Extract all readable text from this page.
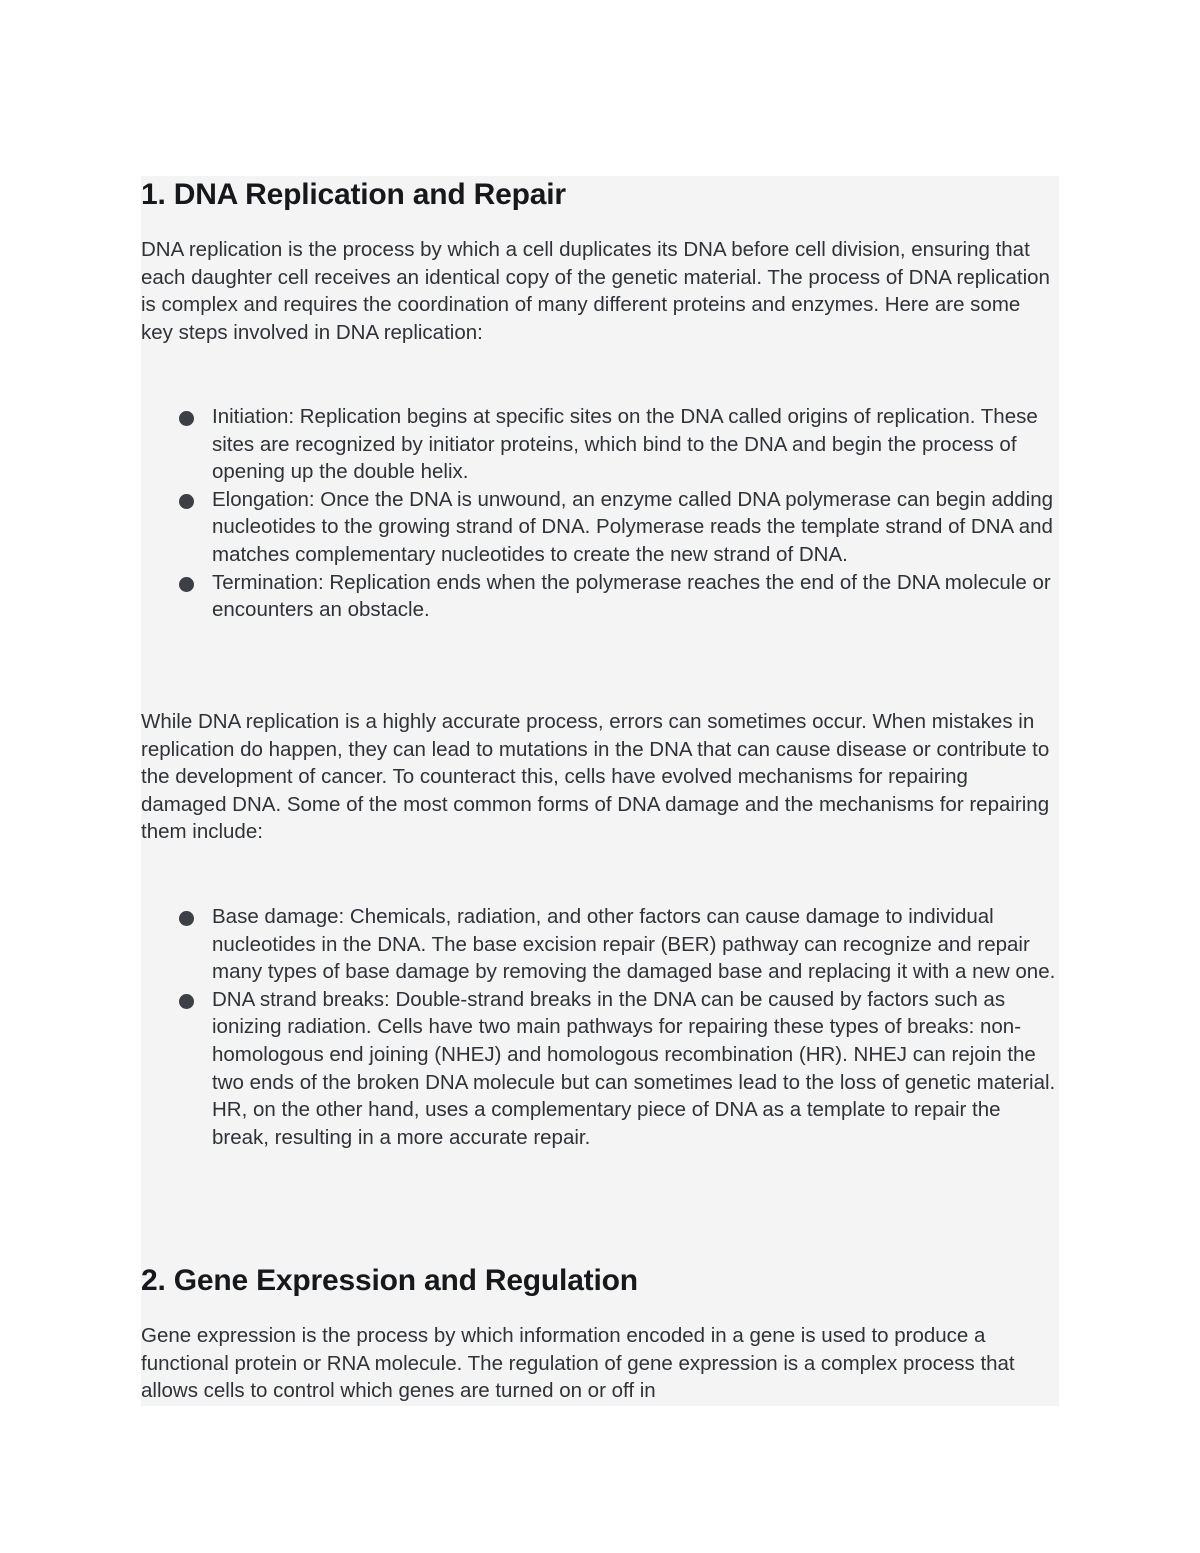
1. DNA Replication and Repair

DNA replication is the process by which a cell duplicates its DNA before cell division, ensuring that each daughter cell receives an identical copy of the genetic material. The process of DNA replication is complex and requires the coordination of many different proteins and enzymes. Here are some key steps involved in DNA replication:

Initiation: Replication begins at specific sites on the DNA called origins of replication. These sites are recognized by initiator proteins, which bind to the DNA and begin the process of opening up the double helix.
Elongation: Once the DNA is unwound, an enzyme called DNA polymerase can begin adding nucleotides to the growing strand of DNA. Polymerase reads the template strand of DNA and matches complementary nucleotides to create the new strand of DNA.
Termination: Replication ends when the polymerase reaches the end of the DNA molecule or encounters an obstacle.

While DNA replication is a highly accurate process, errors can sometimes occur. When mistakes in replication do happen, they can lead to mutations in the DNA that can cause disease or contribute to the development of cancer. To counteract this, cells have evolved mechanisms for repairing damaged DNA. Some of the most common forms of DNA damage and the mechanisms for repairing them include:

Base damage: Chemicals, radiation, and other factors can cause damage to individual nucleotides in the DNA. The base excision repair (BER) pathway can recognize and repair many types of base damage by removing the damaged base and replacing it with a new one.
DNA strand breaks: Double-strand breaks in the DNA can be caused by factors such as ionizing radiation. Cells have two main pathways for repairing these types of breaks: non-homologous end joining (NHEJ) and homologous recombination (HR). NHEJ can rejoin the two ends of the broken DNA molecule but can sometimes lead to the loss of genetic material. HR, on the other hand, uses a complementary piece of DNA as a template to repair the break, resulting in a more accurate repair.
2. Gene Expression and Regulation

Gene expression is the process by which information encoded in a gene is used to produce a functional protein or RNA molecule. The regulation of gene expression is a complex process that allows cells to control which genes are turned on or off in
